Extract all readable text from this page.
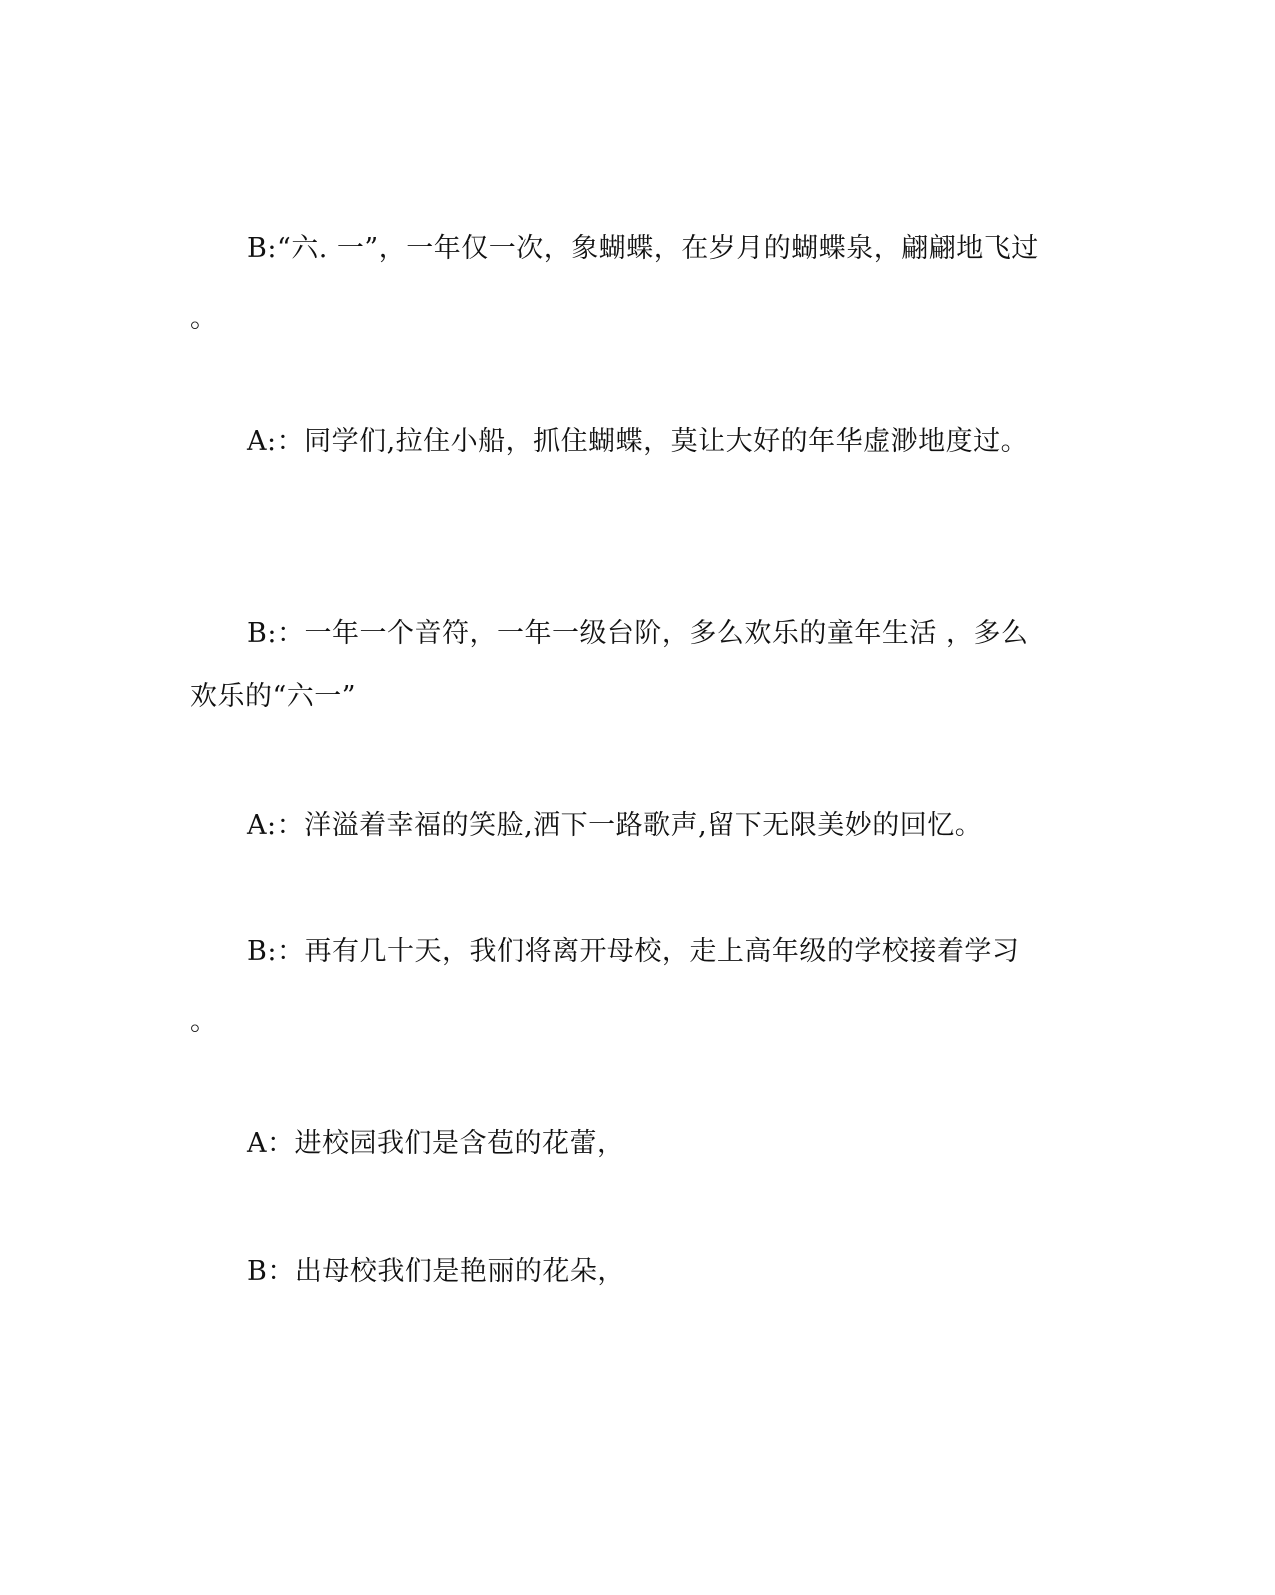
B:“六. 一”，一年仅一次，象蝴蝶，在岁月的蝴蝶泉，翩翩地飞过
。
A:：同学们,拉住小船，抓住蝴蝶，莫让大好的年华虚渺地度过。
B:：一年一个音符，一年一级台阶，多么欢乐的童年生活 ，多么
欢乐的“六一”
A:：洋溢着幸福的笑脸,洒下一路歌声,留下无限美妙的回忆。
B:：再有几十天，我们将离开母校，走上高年级的学校接着学习
。
A：进校园我们是含苞的花蕾，
B：出母校我们是艳丽的花朵，
